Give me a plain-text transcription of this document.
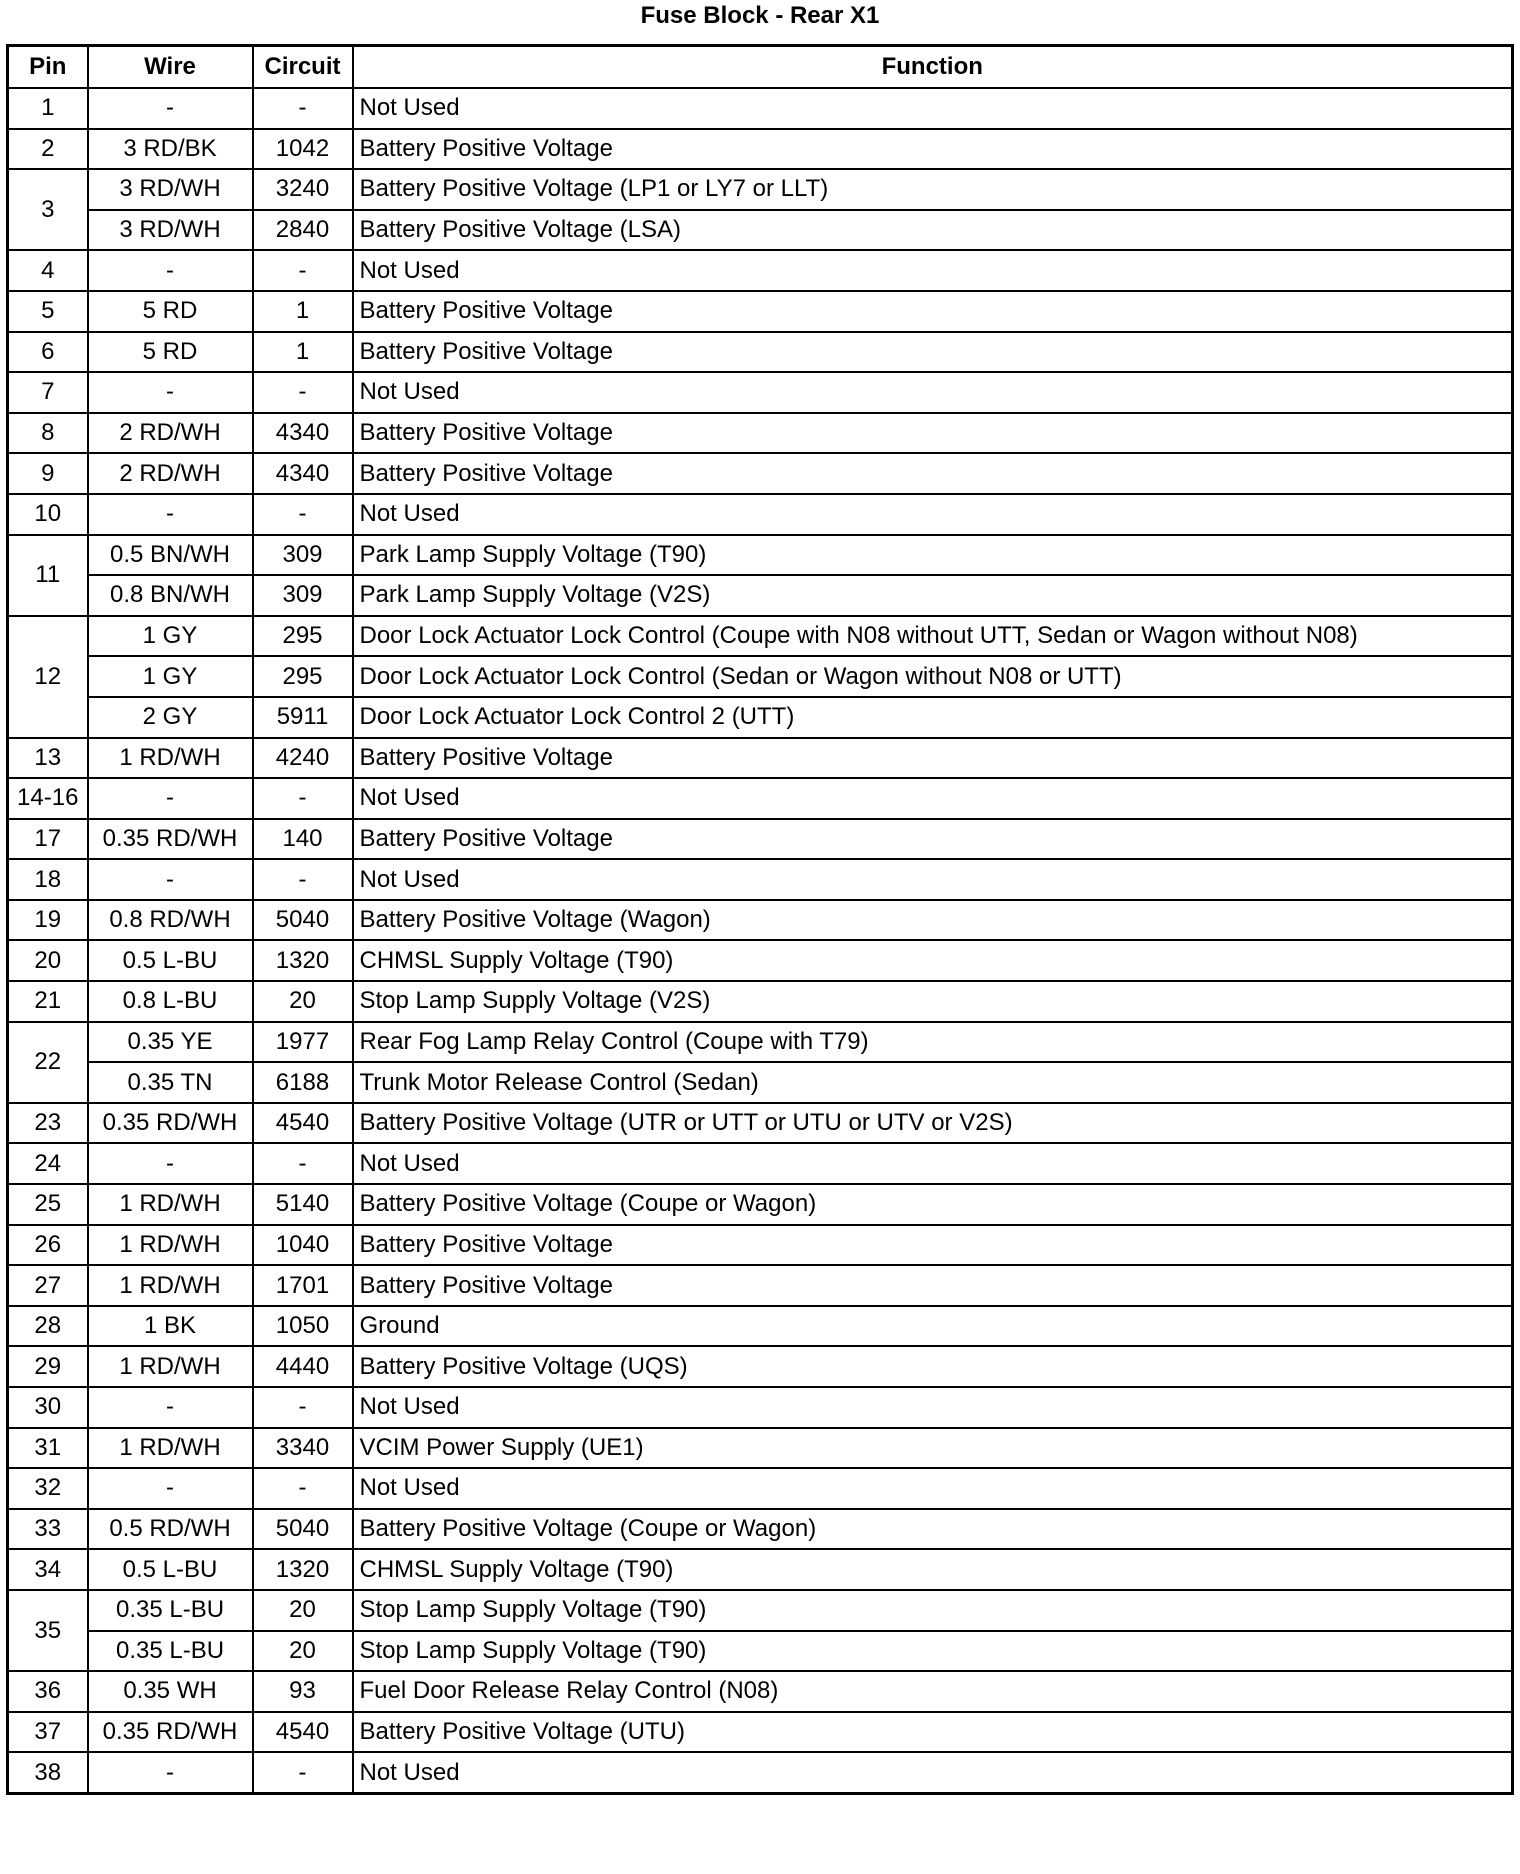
Fuse Block - Rear X1
Pin	Wire	Circuit	Function
1	-	-	Not Used
2	3 RD/BK	1042	Battery Positive Voltage
3	3 RD/WH	3240	Battery Positive Voltage (LP1 or LY7 or LLT)
	3 RD/WH	2840	Battery Positive Voltage (LSA)
4	-	-	Not Used
5	5 RD	1	Battery Positive Voltage
6	5 RD	1	Battery Positive Voltage
7	-	-	Not Used
8	2 RD/WH	4340	Battery Positive Voltage
9	2 RD/WH	4340	Battery Positive Voltage
10	-	-	Not Used
11	0.5 BN/WH	309	Park Lamp Supply Voltage (T90)
	0.8 BN/WH	309	Park Lamp Supply Voltage (V2S)
12	1 GY	295	Door Lock Actuator Lock Control (Coupe with N08 without UTT, Sedan or Wagon without N08)
	1 GY	295	Door Lock Actuator Lock Control (Sedan or Wagon without N08 or UTT)
	2 GY	5911	Door Lock Actuator Lock Control 2 (UTT)
13	1 RD/WH	4240	Battery Positive Voltage
14-16	-	-	Not Used
17	0.35 RD/WH	140	Battery Positive Voltage
18	-	-	Not Used
19	0.8 RD/WH	5040	Battery Positive Voltage (Wagon)
20	0.5 L-BU	1320	CHMSL Supply Voltage (T90)
21	0.8 L-BU	20	Stop Lamp Supply Voltage (V2S)
22	0.35 YE	1977	Rear Fog Lamp Relay Control (Coupe with T79)
	0.35 TN	6188	Trunk Motor Release Control (Sedan)
23	0.35 RD/WH	4540	Battery Positive Voltage (UTR or UTT or UTU or UTV or V2S)
24	-	-	Not Used
25	1 RD/WH	5140	Battery Positive Voltage (Coupe or Wagon)
26	1 RD/WH	1040	Battery Positive Voltage
27	1 RD/WH	1701	Battery Positive Voltage
28	1 BK	1050	Ground
29	1 RD/WH	4440	Battery Positive Voltage (UQS)
30	-	-	Not Used
31	1 RD/WH	3340	VCIM Power Supply (UE1)
32	-	-	Not Used
33	0.5 RD/WH	5040	Battery Positive Voltage (Coupe or Wagon)
34	0.5 L-BU	1320	CHMSL Supply Voltage (T90)
35	0.35 L-BU	20	Stop Lamp Supply Voltage (T90)
	0.35 L-BU	20	Stop Lamp Supply Voltage (T90)
36	0.35 WH	93	Fuel Door Release Relay Control (N08)
37	0.35 RD/WH	4540	Battery Positive Voltage (UTU)
38	-	-	Not Used
